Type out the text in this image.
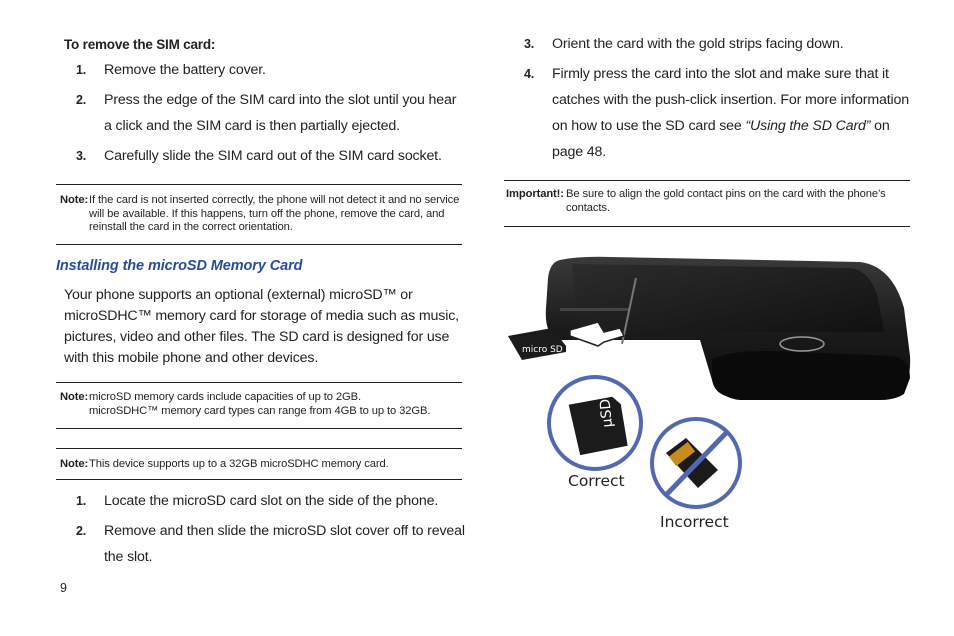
To remove the SIM card:
1. Remove the battery cover.
2. Press the edge of the SIM card into the slot until you hear a click and the SIM card is then partially ejected.
3. Carefully slide the SIM card out of the SIM card socket.
Note: If the card is not inserted correctly, the phone will not detect it and no service will be available. If this happens, turn off the phone, remove the card, and reinstall the card in the correct orientation.
Installing the microSD Memory Card
Your phone supports an optional (external) microSD™ or microSDHC™ memory card for storage of media such as music, pictures, video and other files. The SD card is designed for use with this mobile phone and other devices.
Note: microSD memory cards include capacities of up to 2GB.
microSDHC™ memory card types can range from 4GB to up to 32GB.
Note: This device supports up to a 32GB microSDHC memory card.
1. Locate the microSD card slot on the side of the phone.
2. Remove and then slide the microSD slot cover off to reveal the slot.
3. Orient the card with the gold strips facing down.
4. Firmly press the card into the slot and make sure that it catches with the push-click insertion. For more information on how to use the SD card see “Using the SD Card” on page 48.
Important!: Be sure to align the gold contact pins on the card with the phone’s contacts.
micro SD
μSD
Correct
Incorrect
9
